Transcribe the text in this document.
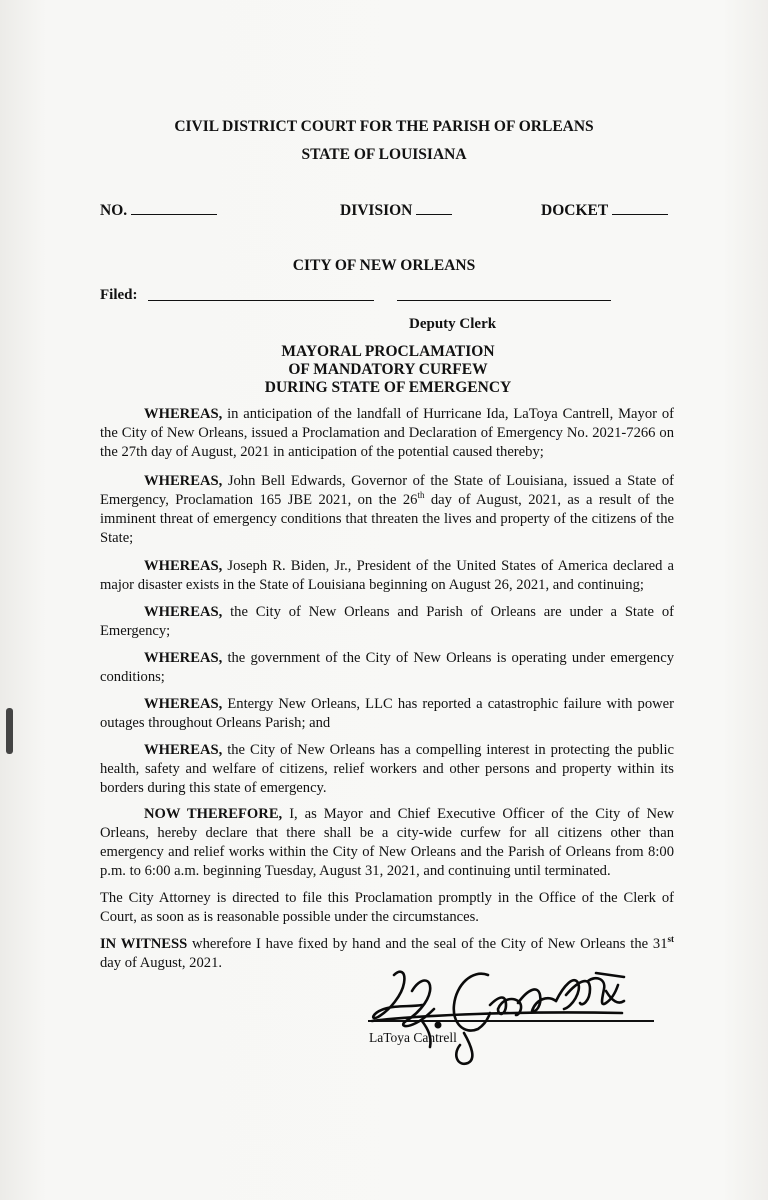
CIVIL DISTRICT COURT FOR THE PARISH OF ORLEANS
STATE OF LOUISIANA
NO.	DIVISION	DOCKET
CITY OF NEW ORLEANS
Filed:
Deputy Clerk
MAYORAL PROCLAMATION
OF MANDATORY CURFEW
DURING STATE OF EMERGENCY
WHEREAS, in anticipation of the landfall of Hurricane Ida, LaToya Cantrell, Mayor of the City of New Orleans, issued a Proclamation and Declaration of Emergency No. 2021-7266 on the 27th day of August, 2021 in anticipation of the potential caused thereby;
WHEREAS, John Bell Edwards, Governor of the State of Louisiana, issued a State of Emergency, Proclamation 165 JBE 2021, on the 26th day of August, 2021, as a result of the imminent threat of emergency conditions that threaten the lives and property of the citizens of the State;
WHEREAS, Joseph R. Biden, Jr., President of the United States of America declared a major disaster exists in the State of Louisiana beginning on August 26, 2021, and continuing;
WHEREAS, the City of New Orleans and Parish of Orleans are under a State of Emergency;
WHEREAS, the government of the City of New Orleans is operating under emergency conditions;
WHEREAS, Entergy New Orleans, LLC has reported a catastrophic failure with power outages throughout Orleans Parish; and
WHEREAS, the City of New Orleans has a compelling interest in protecting the public health, safety and welfare of citizens, relief workers and other persons and property within its borders during this state of emergency.
NOW THEREFORE, I, as Mayor and Chief Executive Officer of the City of New Orleans, hereby declare that there shall be a city-wide curfew for all citizens other than emergency and relief works within the City of New Orleans and the Parish of Orleans from 8:00 p.m. to 6:00 a.m. beginning Tuesday, August 31, 2021, and continuing until terminated.
The City Attorney is directed to file this Proclamation promptly in the Office of the Clerk of Court, as soon as is reasonable possible under the circumstances.
IN WITNESS wherefore I have fixed by hand and the seal of the City of New Orleans the 31st day of August, 2021.
LaToya Cantrell
